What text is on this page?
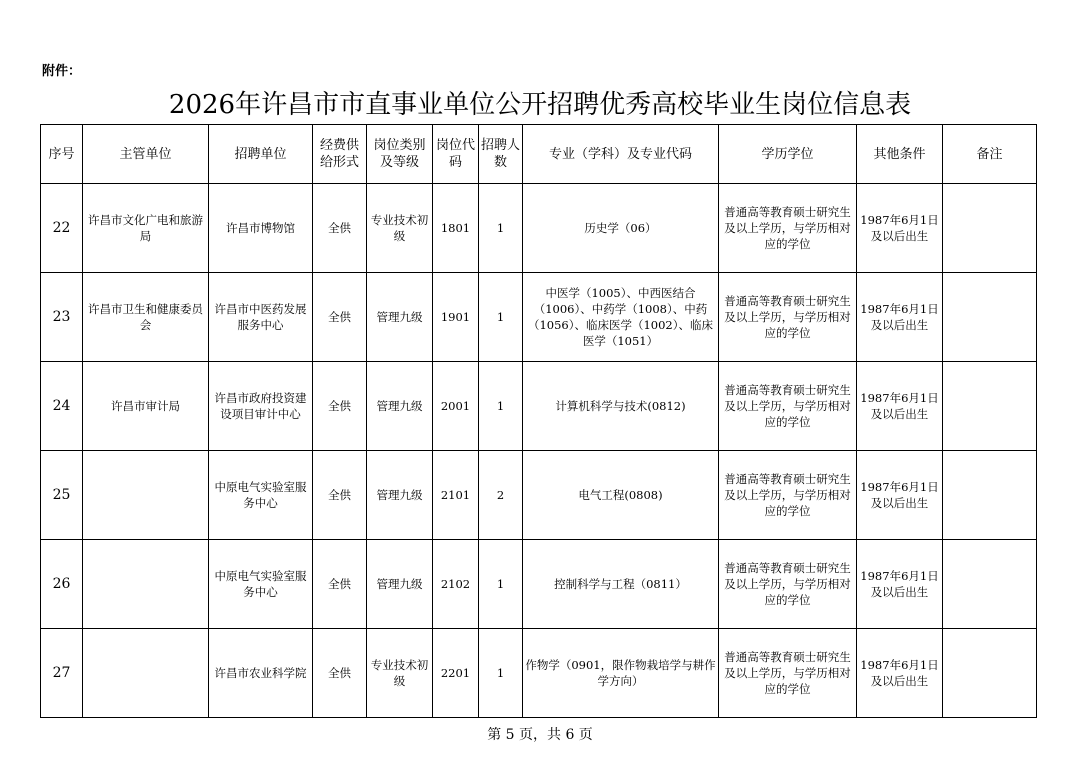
附件：
2026年许昌市市直事业单位公开招聘优秀高校毕业生岗位信息表
序号	主管单位	招聘单位	经费供给形式	岗位类别及等级	岗位代码	招聘人数	专业（学科）及专业代码	学历学位	其他条件	备注
22	许昌市文化广电和旅游局	许昌市博物馆	全供	专业技术初级	1801	1	历史学（06）	普通高等教育硕士研究生及以上学历，与学历相对应的学位	1987年6月1日及以后出生	
23	许昌市卫生和健康委员会	许昌市中医药发展服务中心	全供	管理九级	1901	1	中医学（1005）、中西医结合（1006）、中药学（1008）、中药（1056）、临床医学（1002）、临床医学（1051）	普通高等教育硕士研究生及以上学历，与学历相对应的学位	1987年6月1日及以后出生	
24	许昌市审计局	许昌市政府投资建设项目审计中心	全供	管理九级	2001	1	计算机科学与技术(0812)	普通高等教育硕士研究生及以上学历，与学历相对应的学位	1987年6月1日及以后出生	
25		中原电气实验室服务中心	全供	管理九级	2101	2	电气工程(0808)	普通高等教育硕士研究生及以上学历，与学历相对应的学位	1987年6月1日及以后出生	
26		中原电气实验室服务中心	全供	管理九级	2102	1	控制科学与工程（0811）	普通高等教育硕士研究生及以上学历，与学历相对应的学位	1987年6月1日及以后出生	
27		许昌市农业科学院	全供	专业技术初级	2201	1	作物学（0901，限作物栽培学与耕作学方向）	普通高等教育硕士研究生及以上学历，与学历相对应的学位	1987年6月1日及以后出生	
第 5 页，共 6 页
